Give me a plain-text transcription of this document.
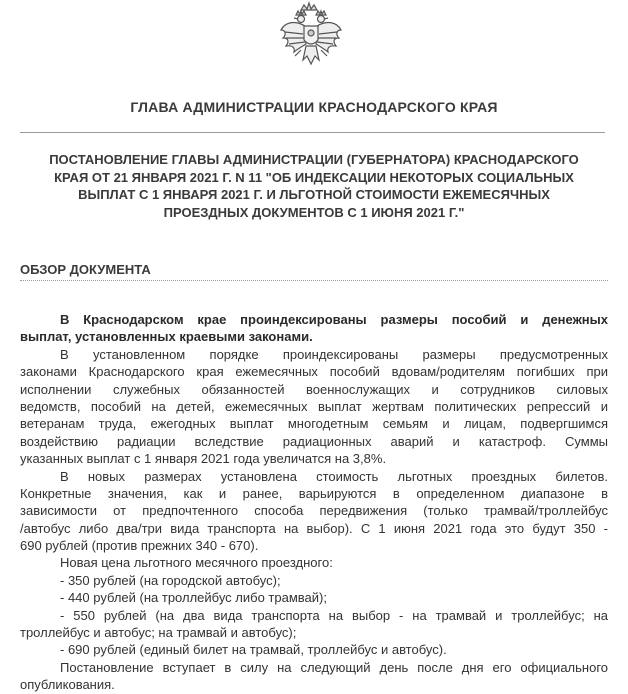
ГЛАВА АДМИНИСТРАЦИИ КРАСНОДАРСКОГО КРАЯ
ПОСТАНОВЛЕНИЕ ГЛАВЫ АДМИНИСТРАЦИИ (ГУБЕРНАТОРА) КРАСНОДАРСКОГО
КРАЯ ОТ 21 ЯНВАРЯ 2021 Г. N 11 "ОБ ИНДЕКСАЦИИ НЕКОТОРЫХ СОЦИАЛЬНЫХ
ВЫПЛАТ С 1 ЯНВАРЯ 2021 Г. И ЛЬГОТНОЙ СТОИМОСТИ ЕЖЕМЕСЯЧНЫХ
ПРОЕЗДНЫХ ДОКУМЕНТОВ С 1 ИЮНЯ 2021 Г."
ОБЗОР ДОКУМЕНТА
В Краснодарском крае проиндексированы размеры пособий и денежных
выплат, установленных краевыми законами.
В установленном порядке проиндексированы размеры предусмотренных
законами Краснодарского края ежемесячных пособий вдовам/родителям погибших при
исполнении служебных обязанностей военнослужащих и сотрудников силовых
ведомств, пособий на детей, ежемесячных выплат жертвам политических репрессий и
ветеранам труда, ежегодных выплат многодетным семьям и лицам, подвергшимся
воздействию радиации вследствие радиационных аварий и катастроф. Суммы
указанных выплат с 1 января 2021 года увеличатся на 3,8%.
В новых размерах установлена стоимость льготных проездных билетов.
Конкретные значения, как и ранее, варьируются в определенном диапазоне в
зависимости от предпочтенного способа передвижения (только трамвай/троллейбус
/автобус либо два/три вида транспорта на выбор). С 1 июня 2021 года это будут 350 -
690 рублей (против прежних 340 - 670).
Новая цена льготного месячного проездного:
- 350 рублей (на городской автобус);
- 440 рублей (на троллейбус либо трамвай);
- 550 рублей (на два вида транспорта на выбор - на трамвай и троллейбус; на
троллейбус и автобус; на трамвай и автобус);
- 690 рублей (единый билет на трамвай, троллейбус и автобус).
Постановление вступает в силу на следующий день после дня его официального
опубликования.
